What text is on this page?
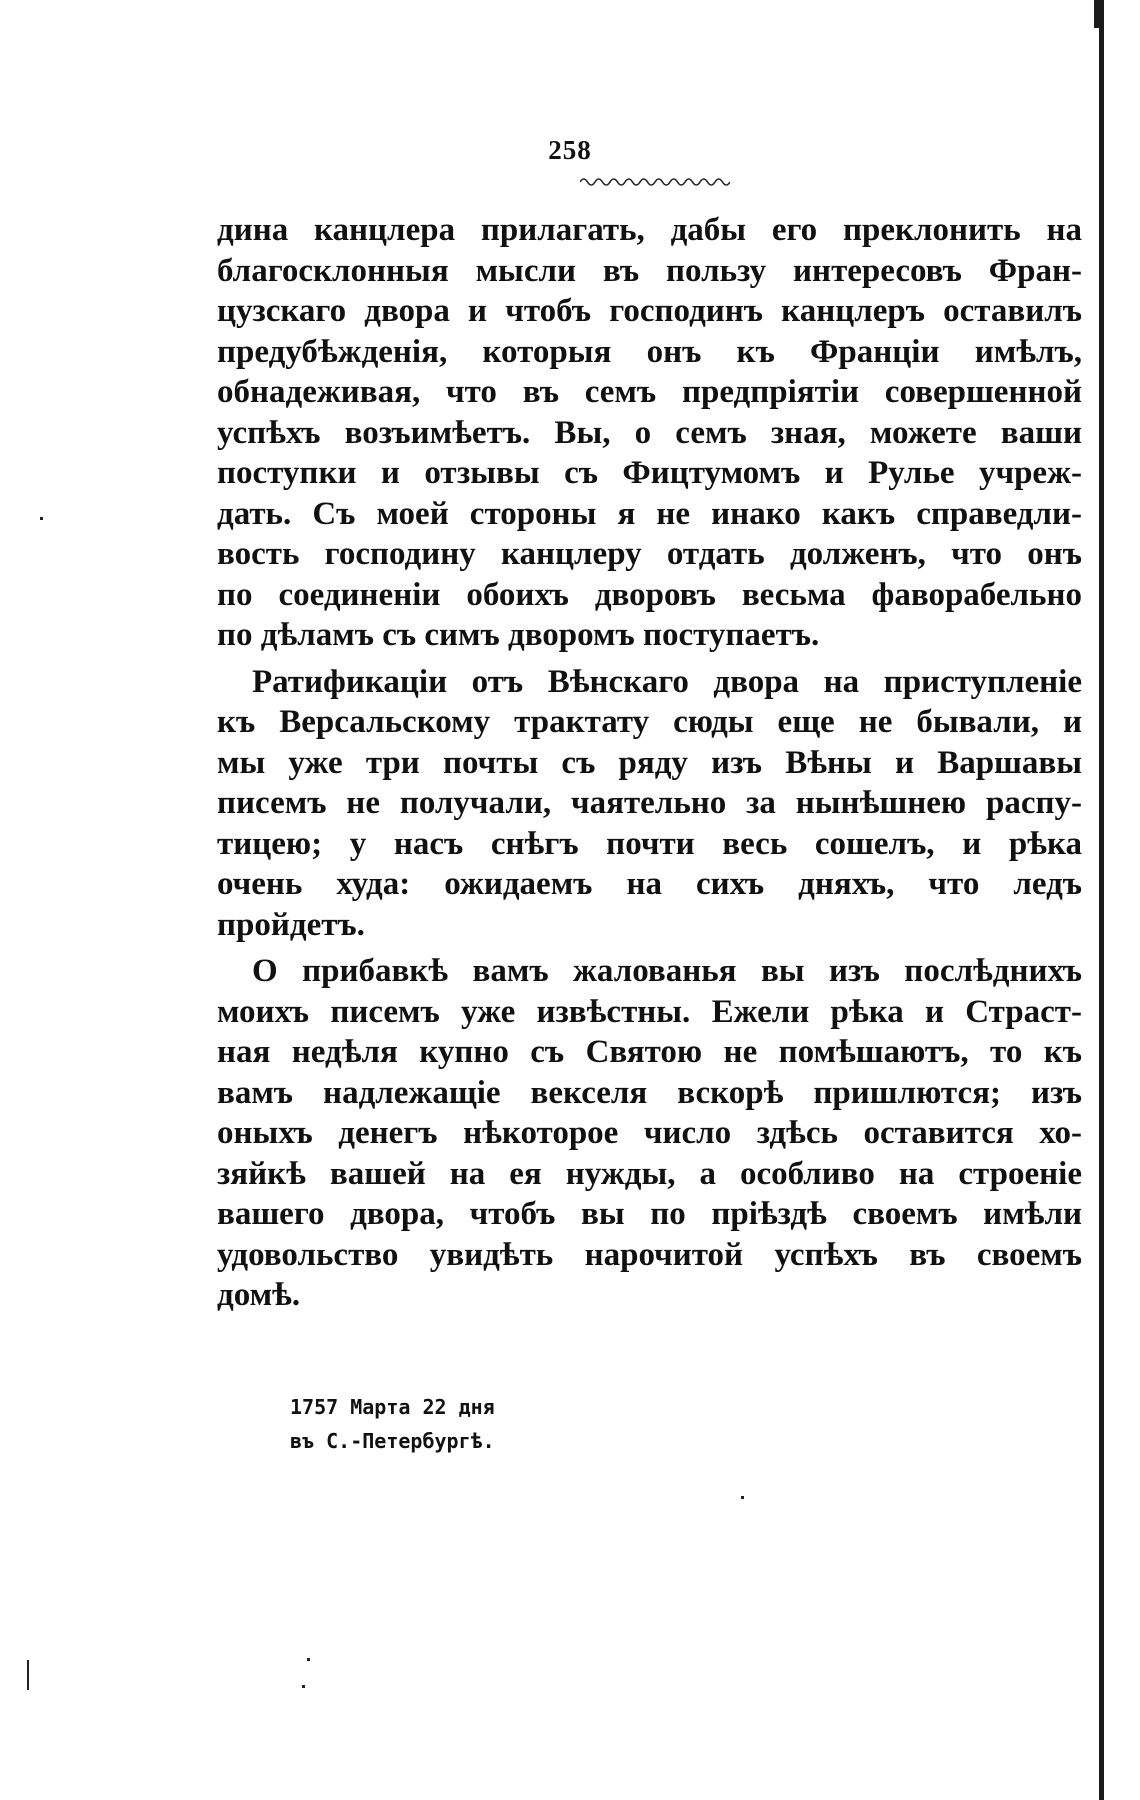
258
дина канцлера прилагать, дабы его преклонить на
благосклонныя мысли въ пользу интересовъ Фран-
цузскаго двора и чтобъ господинъ канцлеръ оставилъ
предубѣжденія, которыя онъ къ Франціи имѣлъ,
обнадеживая, что въ семъ предпріятіи совершенной
успѣхъ возъимѣетъ. Вы, о семъ зная, можете ваши
поступки и отзывы съ Фицтумомъ и Рулье учреж-
дать. Съ моей стороны я не инако какъ справедли-
вость господину канцлеру отдать долженъ, что онъ
по соединеніи обоихъ дворовъ весьма фаворабельно
по дѣламъ съ симъ дворомъ поступаетъ.
Ратификаціи отъ Вѣнскаго двора на приступленіе
къ Версальскому трактату сюды еще не бывали, и
мы уже три почты съ ряду изъ Вѣны и Варшавы
писемъ не получали, чаятельно за нынѣшнею распу-
тицею; у насъ снѣгъ почти весь сошелъ, и рѣка
очень худа: ожидаемъ на сихъ дняхъ, что ледъ
пройдетъ.
О прибавкѣ вамъ жалованья вы изъ послѣднихъ
моихъ писемъ уже извѣстны. Ежели рѣка и Страст-
ная недѣля купно съ Святою не помѣшаютъ, то къ
вамъ надлежащіе векселя вскорѣ пришлются; изъ
оныхъ денегъ нѣкоторое число здѣсь оставится хо-
зяйкѣ вашей на ея нужды, а особливо на строеніе
вашего двора, чтобъ вы по пріѣздѣ своемъ имѣли
удовольство увидѣть нарочитой успѣхъ въ своемъ
домѣ.
1757 Марта 22 дня
въ С.-Петербургѣ.
